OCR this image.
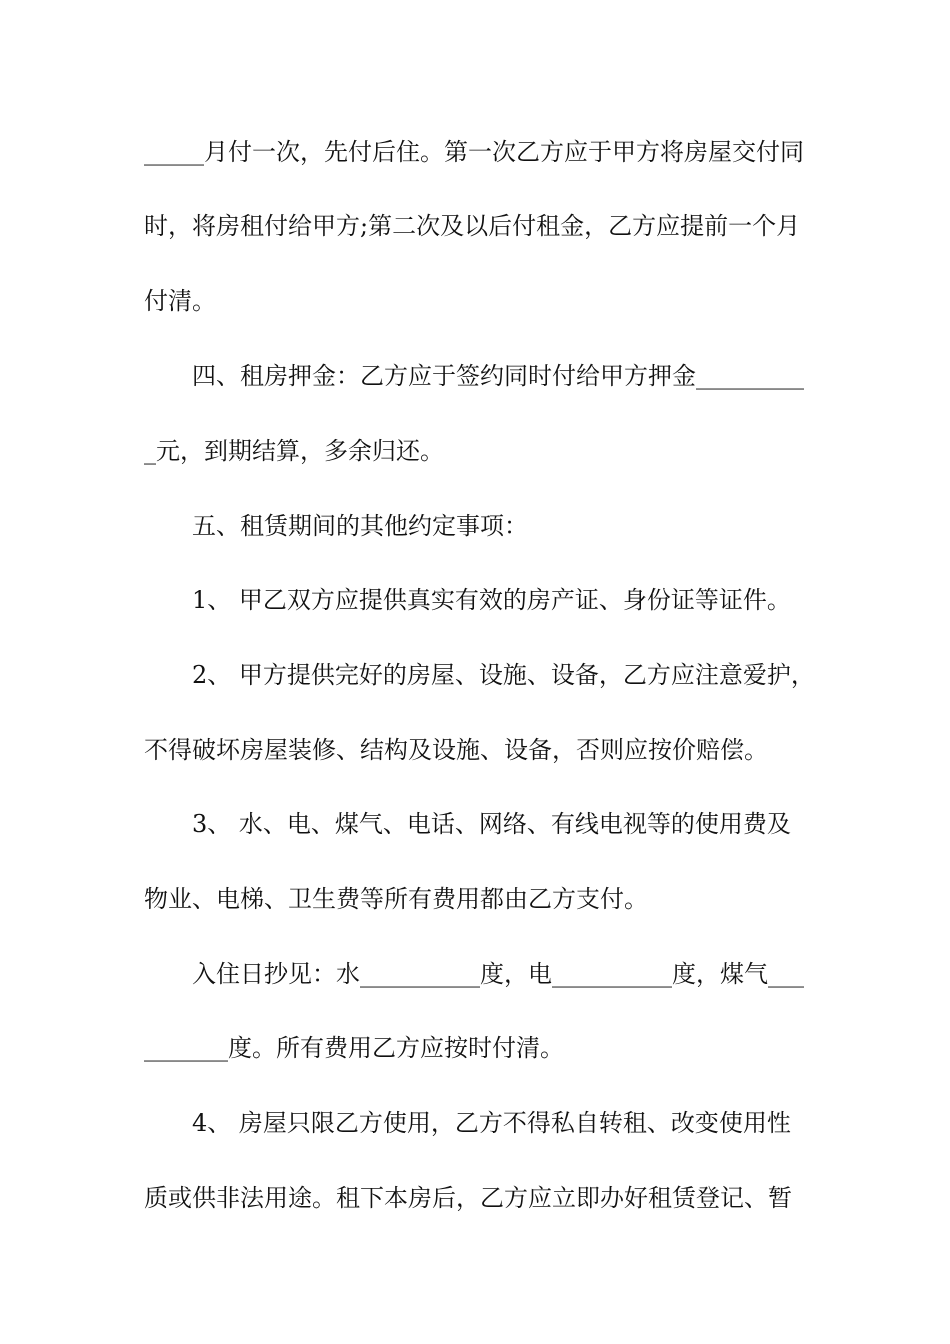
_____月付一次，先付后住。第一次乙方应于甲方将房屋交付同
时，将房租付给甲方;第二次及以后付租金，乙方应提前一个月
付清。
四、租房押金：乙方应于签约同时付给甲方押金_________
_元，到期结算，多余归还。
五、租赁期间的其他约定事项：
1、 甲乙双方应提供真实有效的房产证、身份证等证件。
2、 甲方提供完好的房屋、设施、设备，乙方应注意爱护，
不得破坏房屋装修、结构及设施、设备，否则应按价赔偿。
3、 水、电、煤气、电话、网络、有线电视等的使用费及
物业、电梯、卫生费等所有费用都由乙方支付。
入住日抄见：水__________度，电__________度，煤气___
_______度。所有费用乙方应按时付清。
4、 房屋只限乙方使用，乙方不得私自转租、改变使用性
质或供非法用途。租下本房后，乙方应立即办好租赁登记、暂
